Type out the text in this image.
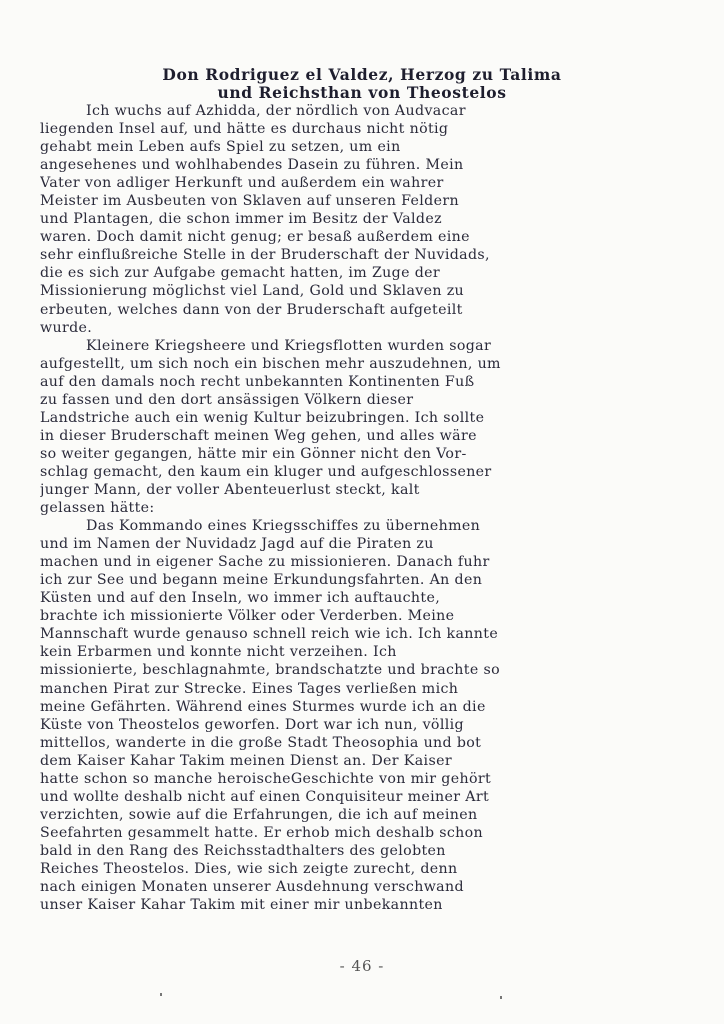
Don Rodriguez el Valdez, Herzog zu Talima
und Reichsthan von Theostelos
Ich wuchs auf Azhidda, der nördlich von Audvacar
liegenden Insel auf, und hätte es durchaus nicht nötig
gehabt mein Leben aufs Spiel zu setzen, um ein
angesehenes und wohlhabendes Dasein zu führen. Mein
Vater von adliger Herkunft und außerdem ein wahrer
Meister im Ausbeuten von Sklaven auf unseren Feldern
und Plantagen, die schon immer im Besitz der Valdez
waren. Doch damit nicht genug; er besaß außerdem eine
sehr einflußreiche Stelle in der Bruderschaft der Nuvidads,
die es sich zur Aufgabe gemacht hatten, im Zuge der
Missionierung möglichst viel Land, Gold und Sklaven zu
erbeuten, welches dann von der Bruderschaft aufgeteilt
wurde.
Kleinere Kriegsheere und Kriegsflotten wurden sogar
aufgestellt, um sich noch ein bischen mehr auszudehnen, um
auf den damals noch recht unbekannten Kontinenten Fuß
zu fassen und den dort ansässigen Völkern dieser
Landstriche auch ein wenig Kultur beizubringen. Ich sollte
in dieser Bruderschaft meinen Weg gehen, und alles wäre
so weiter gegangen, hätte mir ein Gönner nicht den Vor-
schlag gemacht, den kaum ein kluger und aufgeschlossener
junger Mann, der voller Abenteuerlust steckt, kalt
gelassen hätte:
Das Kommando eines Kriegsschiffes zu übernehmen
und im Namen der Nuvidadz Jagd auf die Piraten zu
machen und in eigener Sache zu missionieren. Danach fuhr
ich zur See und begann meine Erkundungsfahrten. An den
Küsten und auf den Inseln, wo immer ich auftauchte,
brachte ich missionierte Völker oder Verderben. Meine
Mannschaft wurde genauso schnell reich wie ich. Ich kannte
kein Erbarmen und konnte nicht verzeihen. Ich
missionierte, beschlagnahmte, brandschatzte und brachte so
manchen Pirat zur Strecke. Eines Tages verließen mich
meine Gefährten. Während eines Sturmes wurde ich an die
Küste von Theostelos geworfen. Dort war ich nun, völlig
mittellos, wanderte in die große Stadt Theosophia und bot
dem Kaiser Kahar Takim meinen Dienst an. Der Kaiser
hatte schon so manche heroischeGeschichte von mir gehört
und wollte deshalb nicht auf einen Conquisiteur meiner Art
verzichten, sowie auf die Erfahrungen, die ich auf meinen
Seefahrten gesammelt hatte. Er erhob mich deshalb schon
bald in den Rang des Reichsstadthalters des gelobten
Reiches Theostelos. Dies, wie sich zeigte zurecht, denn
nach einigen Monaten unserer Ausdehnung verschwand
unser Kaiser Kahar Takim mit einer mir unbekannten
- 46 -
